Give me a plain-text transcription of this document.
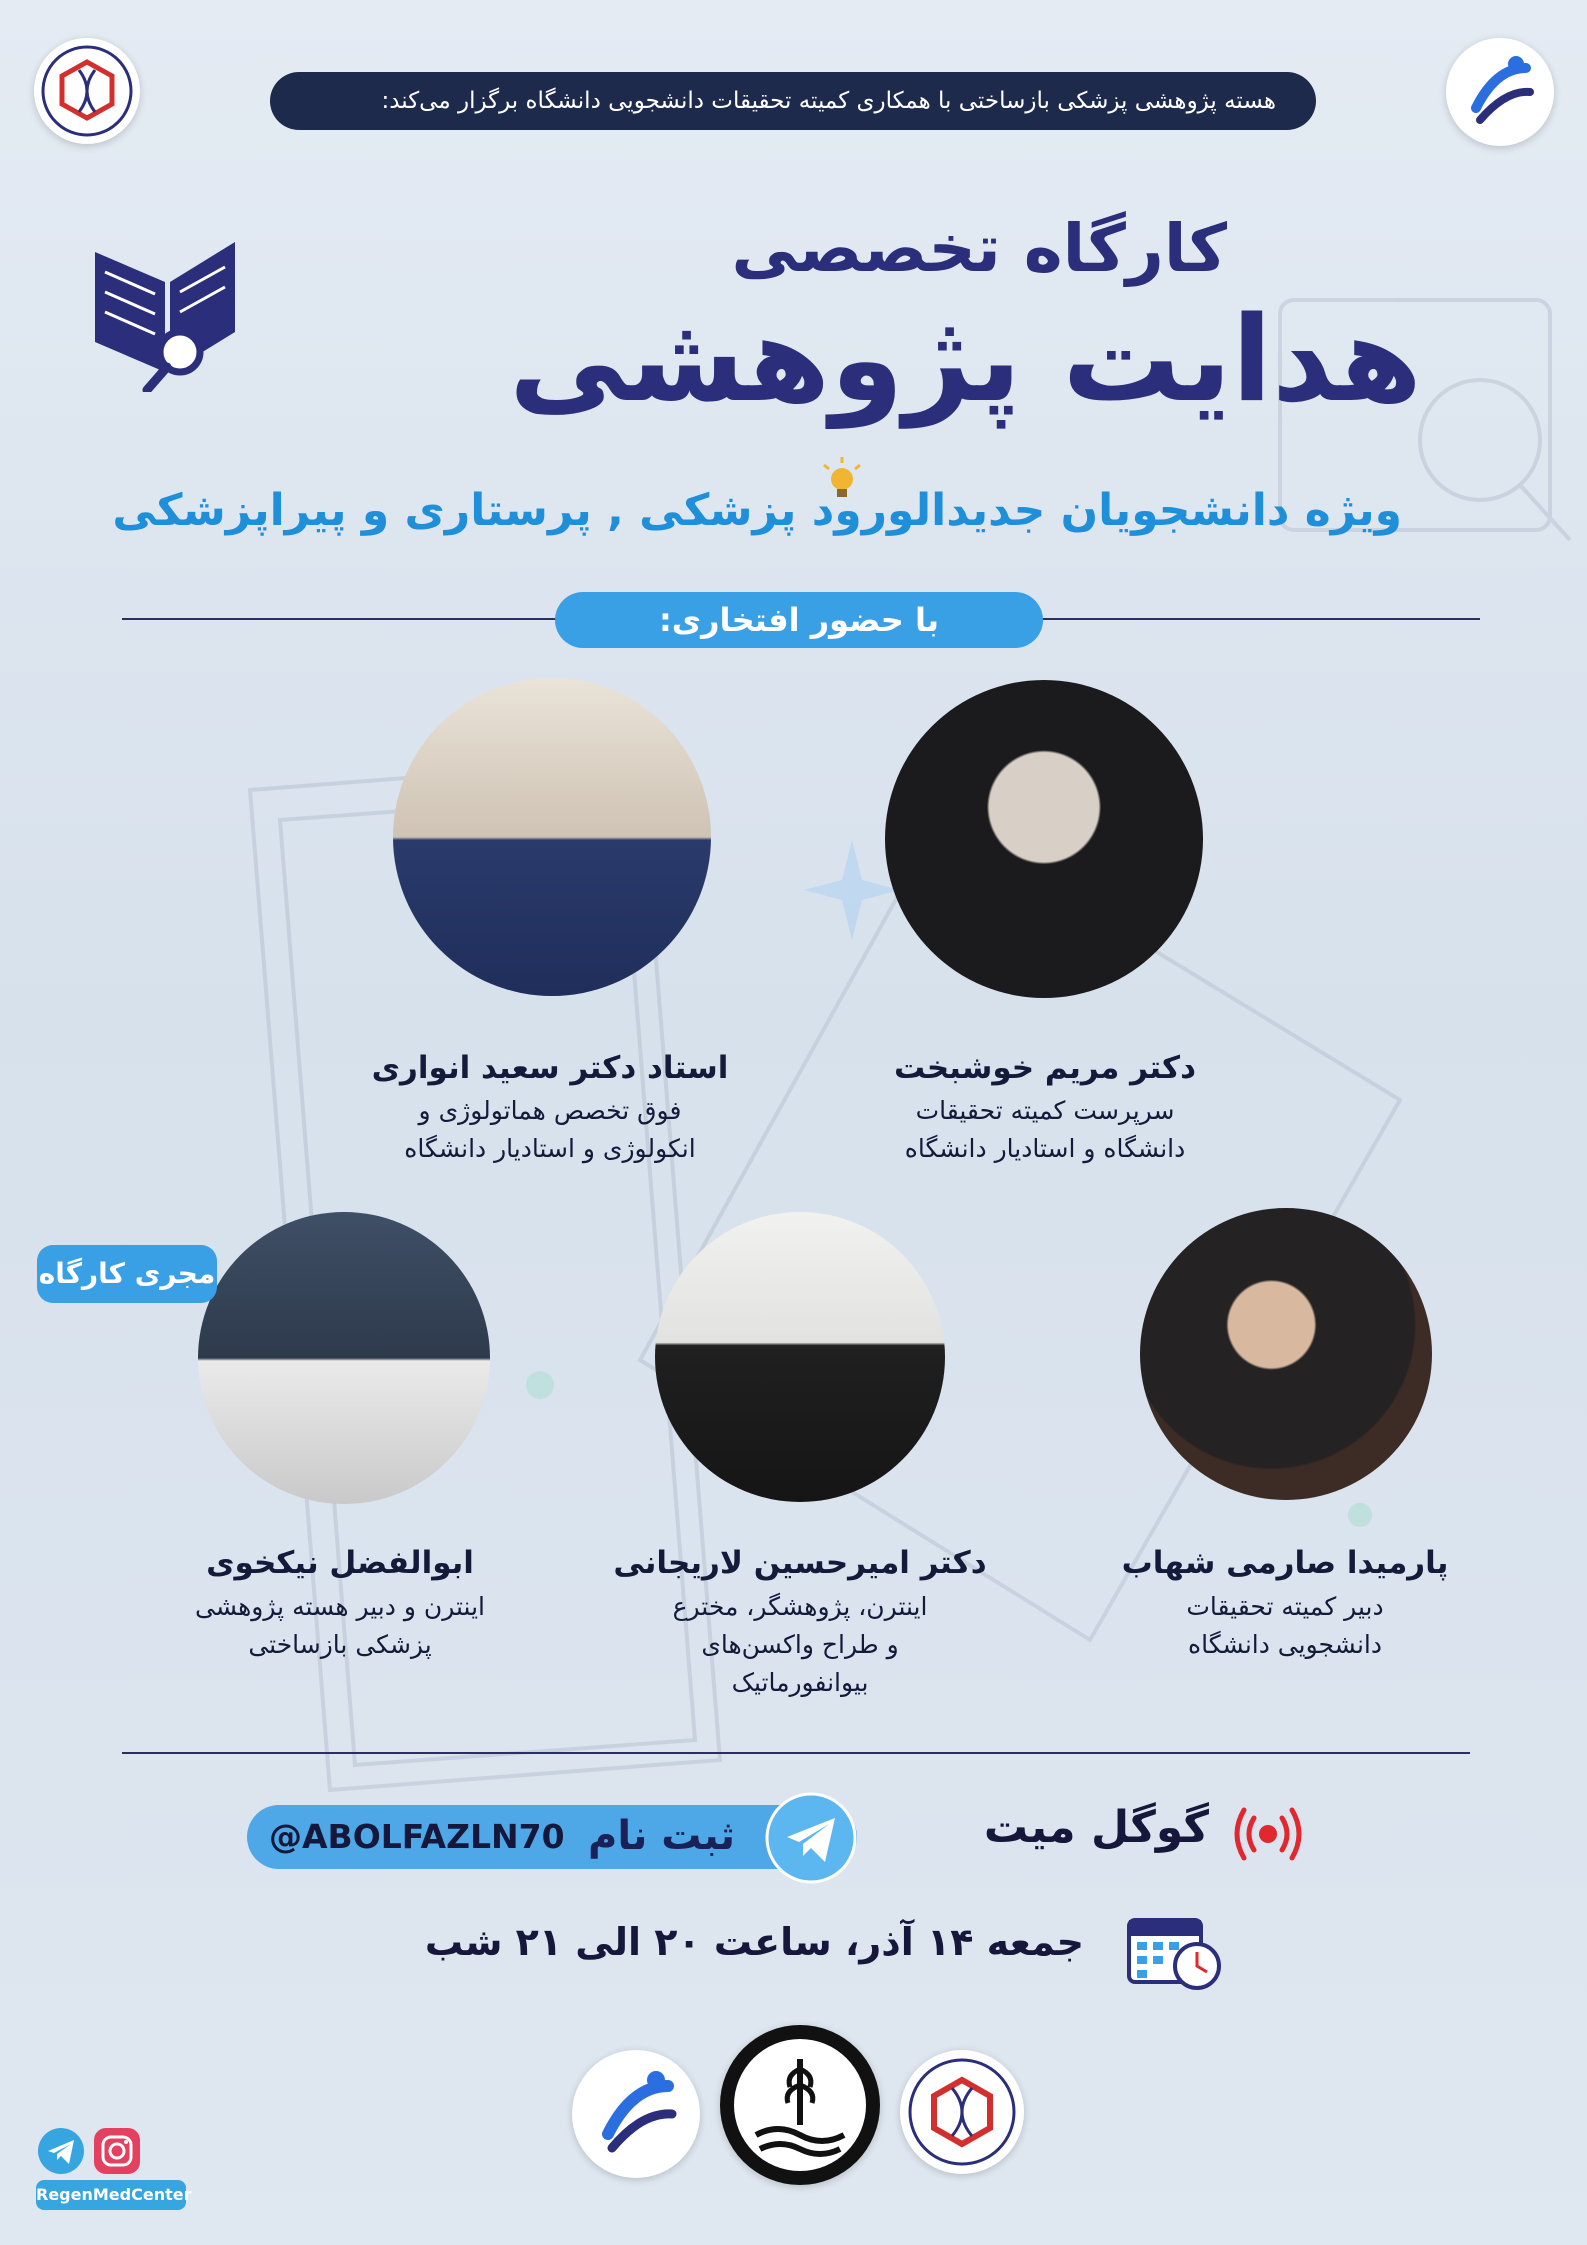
هسته پژوهشی پزشکی بازساختی با همکاری کمیته تحقیقات دانشجویی دانشگاه برگزار می‌کند:
کارگاه تخصصی
هدایت پژوهشی
ویژه دانشجویان جدیدالورود پزشکی , پرستاری و پیراپزشکی
با حضور افتخاری:
مجری کارگاه
دکتر مریم خوشبخت
سرپرست کمیته تحقیقات
دانشگاه و استادیار دانشگاه
استاد دکتر سعید انواری
فوق تخصص هماتولوژی و
انکولوژی و استادیار دانشگاه
پارمیدا صارمی شهاب
دبیر کمیته تحقیقات
دانشجویی دانشگاه
دکتر امیرحسین لاریجانی
اینترن، پژوهشگر، مخترع
و طراح واکسن‌های
بیوانفورماتیک
ابوالفضل نیکخوی
اینترن و دبیر هسته پژوهشی
پزشکی بازساختی
ثبت نام
@ABOLFAZLN70	گوگل میت
جمعه ۱۴ آذر، ساعت ۲۰ الی ۲۱ شب
RegenMedCenter
